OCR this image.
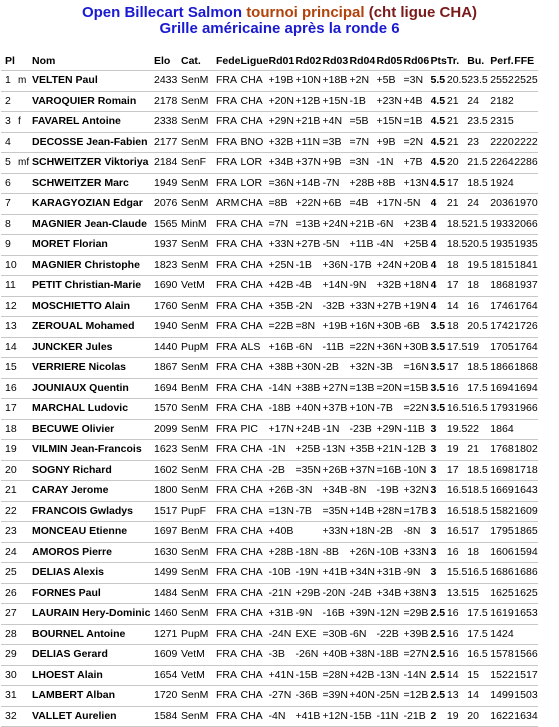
Open Billecart Salmon tournoi principal (cht ligue CHA)
Grille américaine après la ronde 6
Pl		Nom	Elo	Cat.	Fede	Ligue	Rd01	Rd02	Rd03	Rd04	Rd05	Rd06	Pts	Tr.	Bu.	Perf.	FFE
1	m	VELTEN Paul	2433	SenM	FRA	CHA	+19B	+10N	+18B	+2N	+5B	=3N	5.5	20.5	23.5	2552	2525
2		VAROQUIER Romain	2178	SenM	FRA	CHA	+20N	+12B	+15N	-1B	+23N	+4B	4.5	21	24	2182	
3	f	FAVAREL Antoine	2338	SenM	FRA	CHA	+29N	+21B	+4N	=5B	+15N	=1B	4.5	21	23.5	2315	
4		DECOSSE Jean-Fabien	2177	SenM	FRA	BNO	+32B	+11N	=3B	=7N	+9B	=2N	4.5	21	23	2220	2222
5	mf	SCHWEITZER Viktoriya	2184	SenF	FRA	LOR	+34B	+37N	+9B	=3N	-1N	+7B	4.5	20	21.5	2264	2286
6		SCHWEITZER Marc	1949	SenM	FRA	LOR	=36N	+14B	-7N	+28B	+8B	+13N	4.5	17	18.5	1924	
7		KARAGYOZIAN Edgar	2076	SenM	ARM	CHA	=8B	+22N	+6B	=4B	+17N	-5N	4	21	24	2036	1970
8		MAGNIER Jean-Claude	1565	MinM	FRA	CHA	=7N	=13B	+24N	+21B	-6N	+23B	4	18.5	21.5	1933	2066
9		MORET Florian	1937	SenM	FRA	CHA	+33N	+27B	-5N	+11B	-4N	+25B	4	18.5	20.5	1935	1935
10		MAGNIER Christophe	1823	SenM	FRA	CHA	+25N	-1B	+36N	-17B	+24N	+20B	4	18	19.5	1815	1841
11		PETIT Christian-Marie	1690	VetM	FRA	CHA	+42B	-4B	+14N	-9N	+32B	+18N	4	17	18	1868	1937
12		MOSCHIETTO Alain	1760	SenM	FRA	CHA	+35B	-2N	-32B	+33N	+27B	+19N	4	14	16	1746	1764
13		ZEROUAL Mohamed	1940	SenM	FRA	CHA	=22B	=8N	+19B	+16N	+30B	-6B	3.5	18	20.5	1742	1726
14		JUNCKER Jules	1440	PupM	FRA	ALS	+16B	-6N	-11B	=22N	+36N	+30B	3.5	17.5	19	1705	1764
15		VERRIERE Nicolas	1867	SenM	FRA	CHA	+38B	+30N	-2B	+32N	-3B	=16N	3.5	17	18.5	1866	1868
16		JOUNIAUX Quentin	1694	BenM	FRA	CHA	-14N	+38B	+27N	=13B	=20N	=15B	3.5	16	17.5	1694	1694
17		MARCHAL Ludovic	1570	SenM	FRA	CHA	-18B	+40N	+37B	+10N	-7B	=22N	3.5	16.5	16.5	1793	1966
18		BECUWE Olivier	2099	SenM	FRA	PIC	+17N	+24B	-1N	-23B	+29N	-11B	3	19.5	22	1864	
19		VILMIN Jean-Francois	1623	SenM	FRA	CHA	-1N	+25B	-13N	+35B	+21N	-12B	3	19	21	1768	1802
20		SOGNY Richard	1602	SenM	FRA	CHA	-2B	=35N	+26B	+37N	=16B	-10N	3	17	18.5	1698	1718
21		CARAY Jerome	1800	SenM	FRA	CHA	+26B	-3N	+34B	-8N	-19B	+32N	3	16.5	18.5	1669	1643
22		FRANCOIS Gwladys	1517	PupF	FRA	CHA	=13N	-7B	=35N	+14B	+28N	=17B	3	16.5	18.5	1582	1609
23		MONCEAU Etienne	1697	BenM	FRA	CHA	+40B		+33N	+18N	-2B	-8N	3	16.5	17	1795	1865
24		AMOROS Pierre	1630	SenM	FRA	CHA	+28B	-18N	-8B	+26N	-10B	+33N	3	16	18	1606	1594
25		DELIAS Alexis	1499	SenM	FRA	CHA	-10B	-19N	+41B	+34N	+31B	-9N	3	15.5	16.5	1686	1686
26		FORNES Paul	1484	SenM	FRA	CHA	-21N	+29B	-20N	-24B	+34B	+38N	3	13.5	15	1625	1625
27		LAURAIN Hery-Dominic	1460	SenM	FRA	CHA	+31B	-9N	-16B	+39N	-12N	=29B	2.5	16	17.5	1619	1653
28		BOURNEL Antoine	1271	PupM	FRA	CHA	-24N	EXE	=30B	-6N	-22B	+39B	2.5	16	17.5	1424	
29		DELIAS Gerard	1609	VetM	FRA	CHA	-3B	-26N	+40B	+38N	-18B	=27N	2.5	16	16.5	1578	1566
30		LHOEST Alain	1654	VetM	FRA	CHA	+41N	-15B	=28N	+42B	-13N	-14N	2.5	14	15	1522	1517
31		LAMBERT Alban	1720	SenM	FRA	CHA	-27N	-36B	=39N	+40N	-25N	=12B	2.5	13	14	1499	1503
32		VALLET Aurelien	1584	SenM	FRA	CHA	-4N	+41B	+12N	-15B	-11N	-21B	2	19	20	1622	1634
